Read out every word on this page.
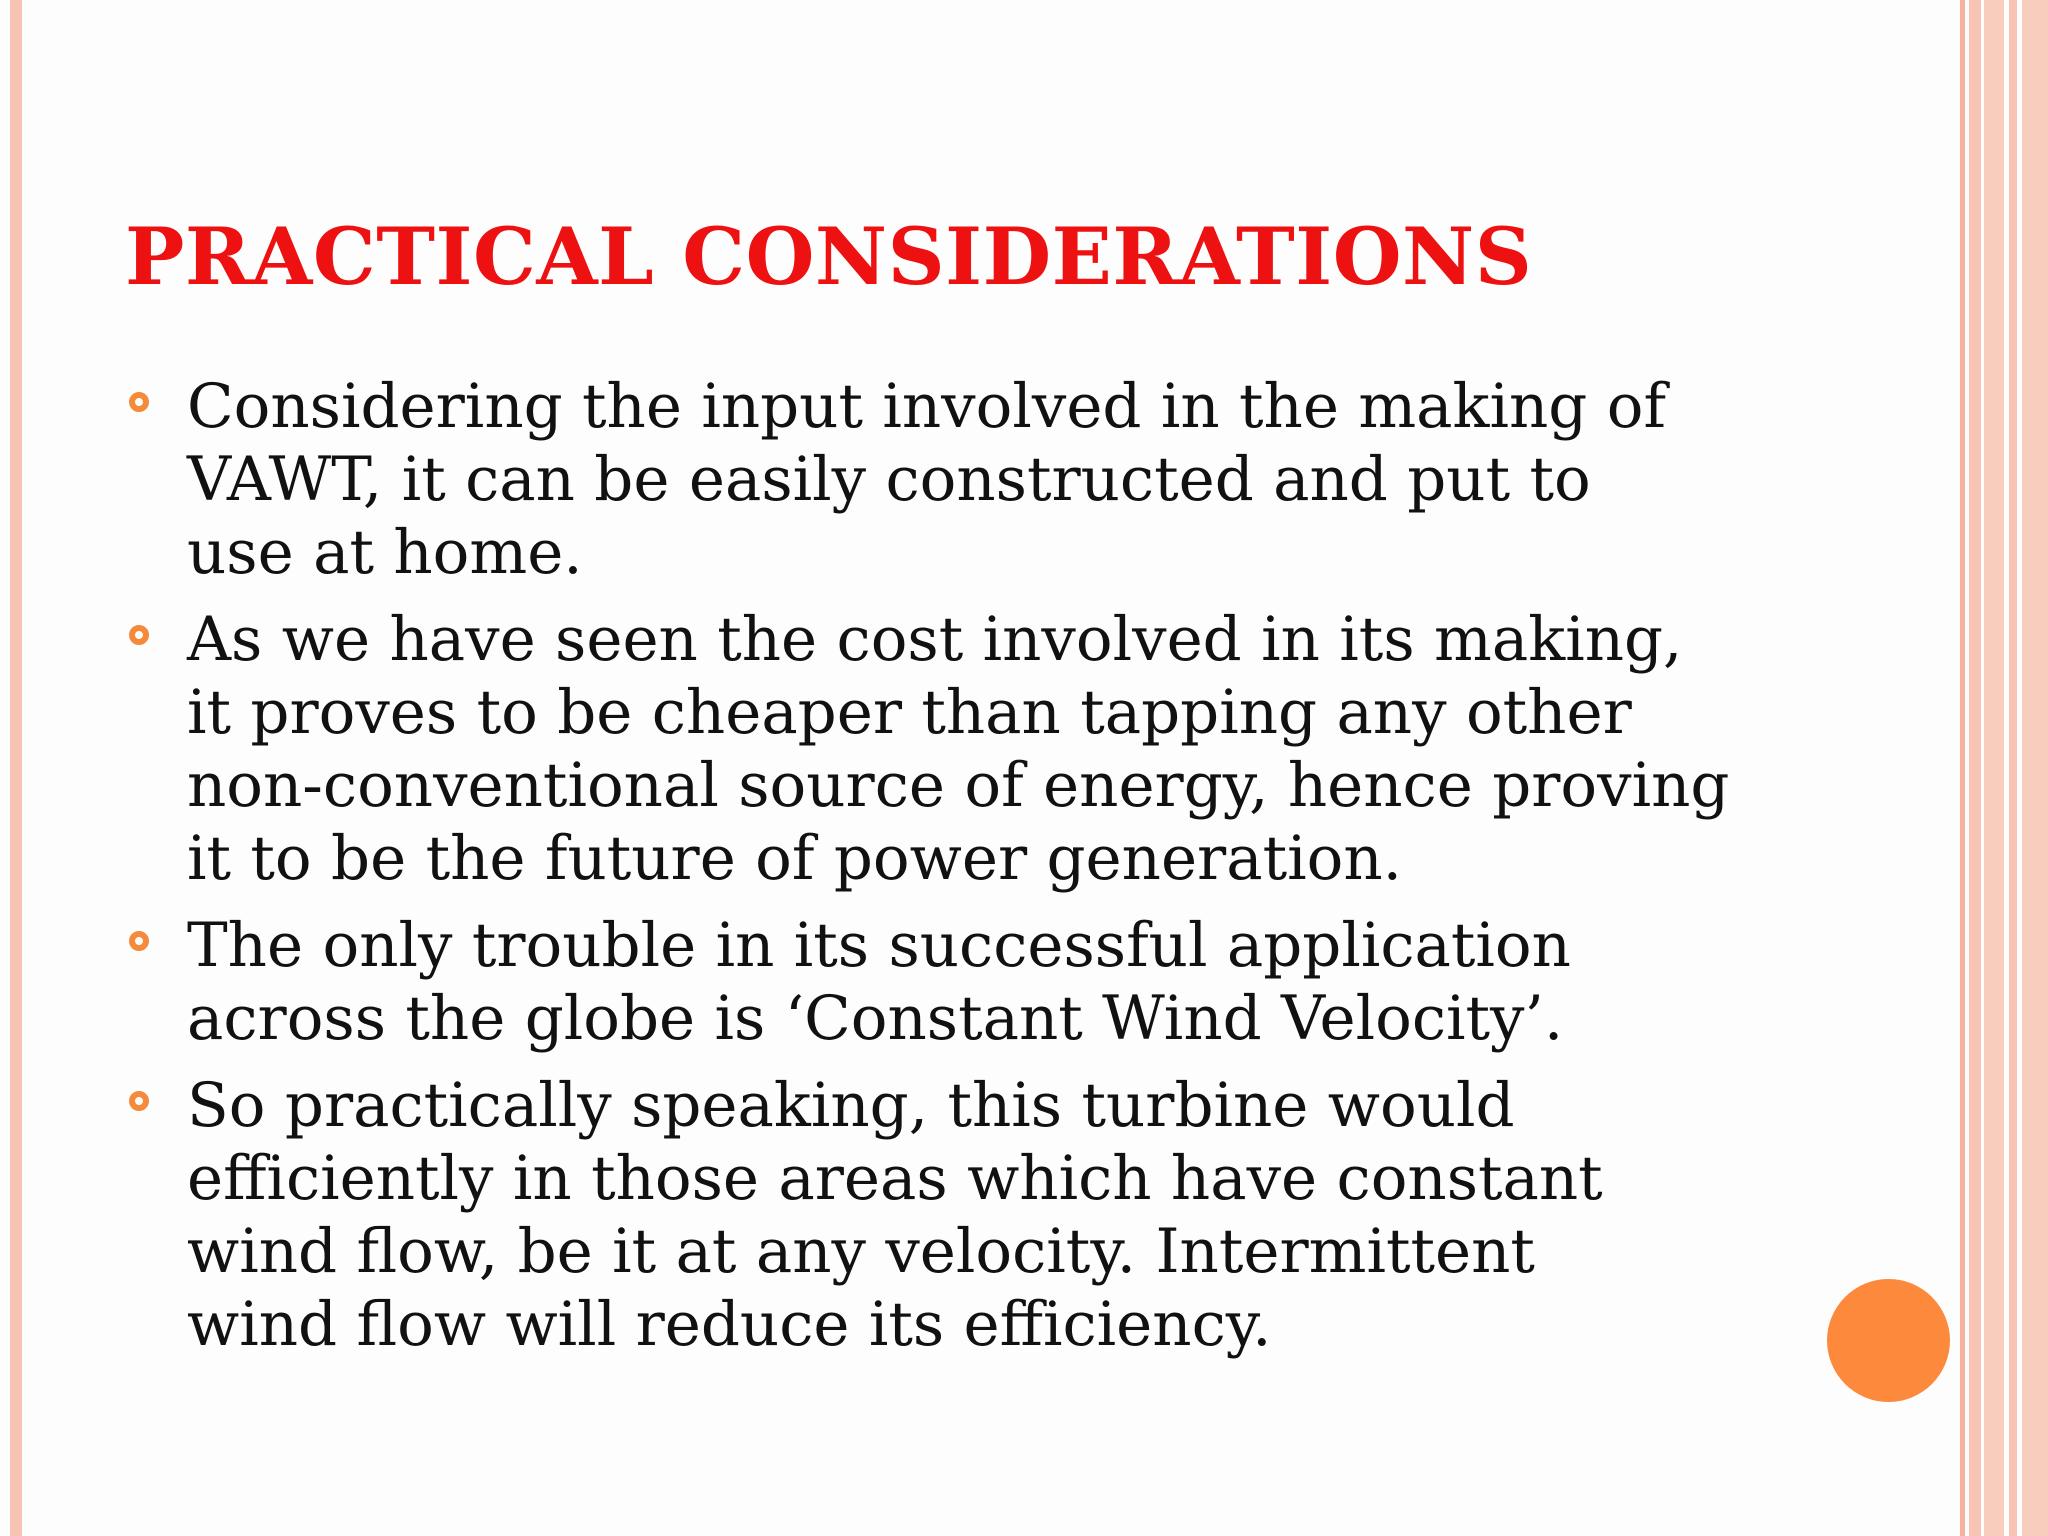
PRACTICAL CONSIDERATIONS
Considering the input involved in the making of
VAWT, it can be easily constructed and put to
use at home.
As we have seen the cost involved in its making,
it proves to be cheaper than tapping any other
non-conventional source of energy, hence proving
it to be the future of power generation.
The only trouble in its successful application
across the globe is ‘Constant Wind Velocity’.
So practically speaking, this turbine would
efficiently in those areas which have constant
wind flow, be it at any velocity. Intermittent
wind flow will reduce its efficiency.
